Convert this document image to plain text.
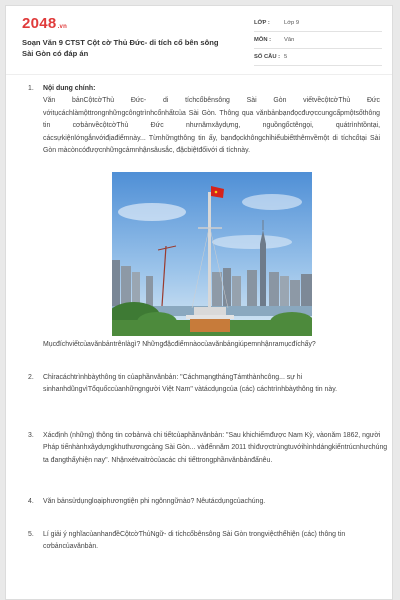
2048.vn
Soạn Văn 9 CTST Cột cờ Thủ Đức- di tích cổ bên sông Sài Gòn có đáp án
LỚP :	Lớp 9
MÔN :	Văn
SỐ CÂU : 5
1. Nội dung chính:
Văn bảnCộtcờThủ Đức- di tíchcổbênsông Sài Gòn viếtvềcộtcờThủ Đức vớitụcáchlàmộttrongnhữngcôngtrìnhcổnhấtcủa Sài Gòn. Thông qua vănbảnbạnđọcđượccungcấpmộtsốthông tin cơbảnvềcộtcờThủ Đức nhưnămxâydựng, nguồngốctêngọi, quátrìnhtồntại, cácsựkiệnlớngắnvớiđịađiểmnày... Từnhữngthông tin ấy, bạnđọckhôngchỉhiểubiếtthêmvềmột di tíchcổtại Sài Gòn màcòncóđượcnhữngcảmnhậnsâusắc, đặcbiệtđốivới di tíchnày.
Mụcđíchviếtcủavănbảntrênlàgì? Nhữngđặcđiểmnàocủavănbảngiúpemnhậnramụcđíchấy?
2. Chỉracáchtrìnhbàythông tin củaphầnvănbản: "CáchmạngthángTámthànhcông... sự hi sinhanhdũngvìTổquốccủanhữngngười Việt Nam" vàtácdụngcủa (các) cáchtrìnhbàythông tin này.
3. Xácđịnh (những) thông tin cơbảnvà chi tiếtcủaphầnvănbản: "Sau khichiếmđược Nam Kỳ, vàonăm 1862, người Pháp tiếnhànhxâydựngkhuthươngcảng Sài Gòn... vàđếnnăm 2011 thìđượctrùngtuvớihìnhdángkiếntrúcnhưchúng ta đangthấyhiện nay". Nhậnxétvaitròcủacác chi tiếttrongphầnvănbảnđấnêu.
4. Văn bảnsửdụngloạiphươngtiện phi ngônngữnào? Nêutácdụngcủachúng.
5. Lí giải ý nghĩacủanhanđềCộtcờThủNgữ- di tíchcổbênsông Sài Gòn trongviệcthểhiện (các) thông tin cơbảncủavănbản.
